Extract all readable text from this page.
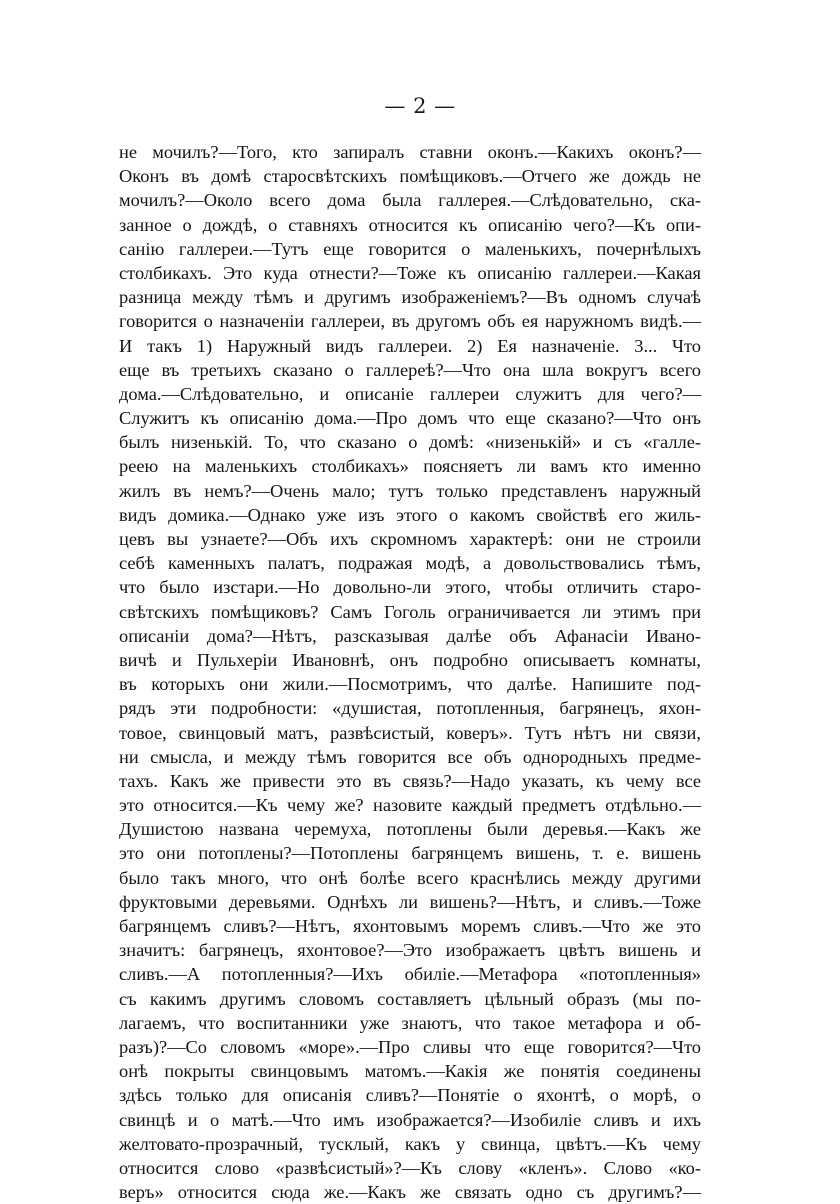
— 2 —
не мочилъ?—Того, кто запиралъ ставни оконъ.—Какихъ оконъ?—
Оконъ въ домѣ старосвѣтскихъ помѣщиковъ.—Отчего же дождь не
мочилъ?—Около всего дома была галлерея.—Слѣдовательно, ска-
занное о дождѣ, о ставняхъ относится къ описанію чего?—Къ опи-
санію галлереи.—Тутъ еще говорится о маленькихъ, почернѣлыхъ
столбикахъ. Это куда отнести?—Тоже къ описанію галлереи.—Какая
разница между тѣмъ и другимъ изображеніемъ?—Въ одномъ случаѣ
говорится о назначеніи галлереи, въ другомъ объ ея наружномъ видѣ.—
И такъ 1) Наружный видъ галлереи. 2) Ея назначеніе. 3... Что
еще въ третьихъ сказано о галлереѣ?—Что она шла вокругъ всего
дома.—Слѣдовательно, и описаніе галлереи служитъ для чего?—
Служитъ къ описанію дома.—Про домъ что еще сказано?—Что онъ
былъ низенькій. То, что сказано о домѣ: «низенькій» и съ «галле-
реею на маленькихъ столбикахъ» поясняетъ ли вамъ кто именно
жилъ въ немъ?—Очень мало; тутъ только представленъ наружный
видъ домика.—Однако уже изъ этого о какомъ свойствѣ его жиль-
цевъ вы узнаете?—Объ ихъ скромномъ характерѣ: они не строили
себѣ каменныхъ палатъ, подражая модѣ, а довольствовались тѣмъ,
что было изстари.—Но довольно-ли этого, чтобы отличить старо-
свѣтскихъ помѣщиковъ? Самъ Гоголь ограничивается ли этимъ при
описаніи дома?—Нѣтъ, разсказывая далѣе объ Афанасіи Ивано-
вичѣ и Пульхеріи Ивановнѣ, онъ подробно описываетъ комнаты,
въ которыхъ они жили.—Посмотримъ, что далѣе. Напишите под-
рядъ эти подробности: «душистая, потопленныя, багрянецъ, яхон-
товое, свинцовый матъ, развѣсистый, коверъ». Тутъ нѣтъ ни связи,
ни смысла, и между тѣмъ говорится все объ однородныхъ предме-
тахъ. Какъ же привести это въ связь?—Надо указать, къ чему все
это относится.—Къ чему же? назовите каждый предметъ отдѣльно.—
Душистою названа черемуха, потоплены были деревья.—Какъ же
это они потоплены?—Потоплены багрянцемъ вишень, т. е. вишень
было такъ много, что онѣ болѣе всего краснѣлись между другими
фруктовыми деревьями. Однѣхъ ли вишень?—Нѣтъ, и сливъ.—Тоже
багрянцемъ сливъ?—Нѣтъ, яхонтовымъ моремъ сливъ.—Что же это
значитъ: багрянецъ, яхонтовое?—Это изображаетъ цвѣтъ вишень и
сливъ.—А потопленныя?—Ихъ обиліе.—Метафора «потопленныя»
съ какимъ другимъ словомъ составляетъ цѣльный образъ (мы по-
лагаемъ, что воспитанники уже знаютъ, что такое метафора и об-
разъ)?—Со словомъ «море».—Про сливы что еще говорится?—Что
онѣ покрыты свинцовымъ матомъ.—Какія же понятія соединены
здѣсь только для описанія сливъ?—Понятіе о яхонтѣ, о морѣ, о
свинцѣ и о матѣ.—Что имъ изображается?—Изобиліе сливъ и ихъ
желтовато-прозрачный, тусклый, какъ у свинца, цвѣтъ.—Къ чему
относится слово «развѣсистый»?—Къ слову «кленъ». Слово «ко-
веръ» относится сюда же.—Какъ же связать одно съ другимъ?—
